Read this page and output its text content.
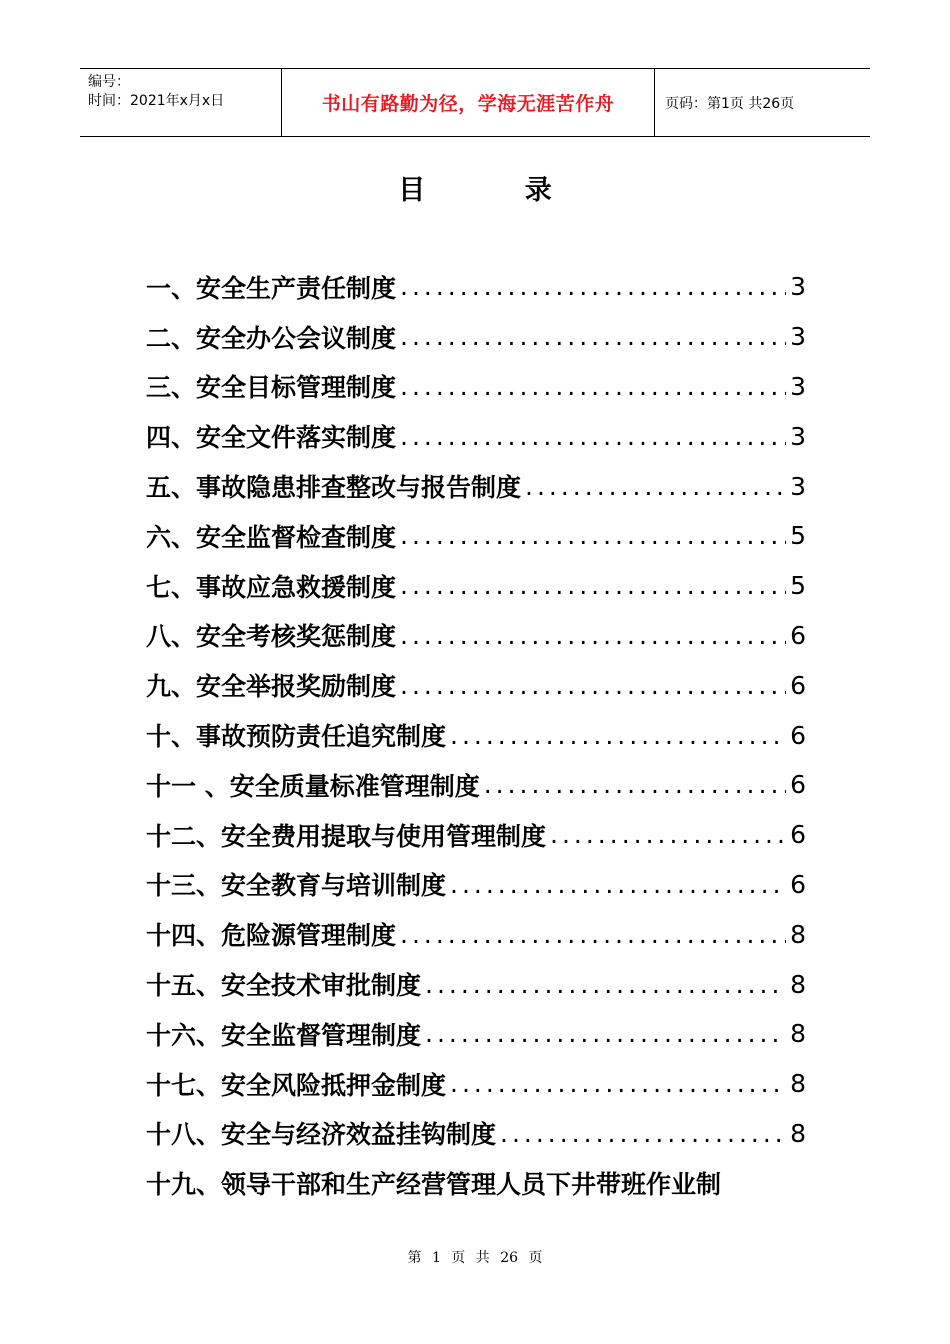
编号：
时间：2021年x月x日	书山有路勤为径，学海无涯苦作舟	页码：第1页 共26页
目	录
一、安全生产责任制度 .....	3
二、安全办公会议制度 .....	3
三、安全目标管理制度 .....	3
四、安全文件落实制度 .....	3
五、事故隐患排查整改与报告制度 .....	3
六、安全监督检查制度 .....	5
七、事故应急救援制度 .....	5
八、安全考核奖惩制度 .....	6
九、安全举报奖励制度 .....	6
十、事故预防责任追究制度 .....	6
十一 、安全质量标准管理制度 .....	6
十二、安全费用提取与使用管理制度 .....	6
十三、安全教育与培训制度 .....	6
十四、危险源管理制度 .....	8
十五、安全技术审批制度 .....	8
十六、安全监督管理制度 .....	8
十七、安全风险抵押金制度 .....	8
十八、安全与经济效益挂钩制度 .....	8
十九、领导干部和生产经营管理人员下井带班作业制
第 1 页 共 26 页
